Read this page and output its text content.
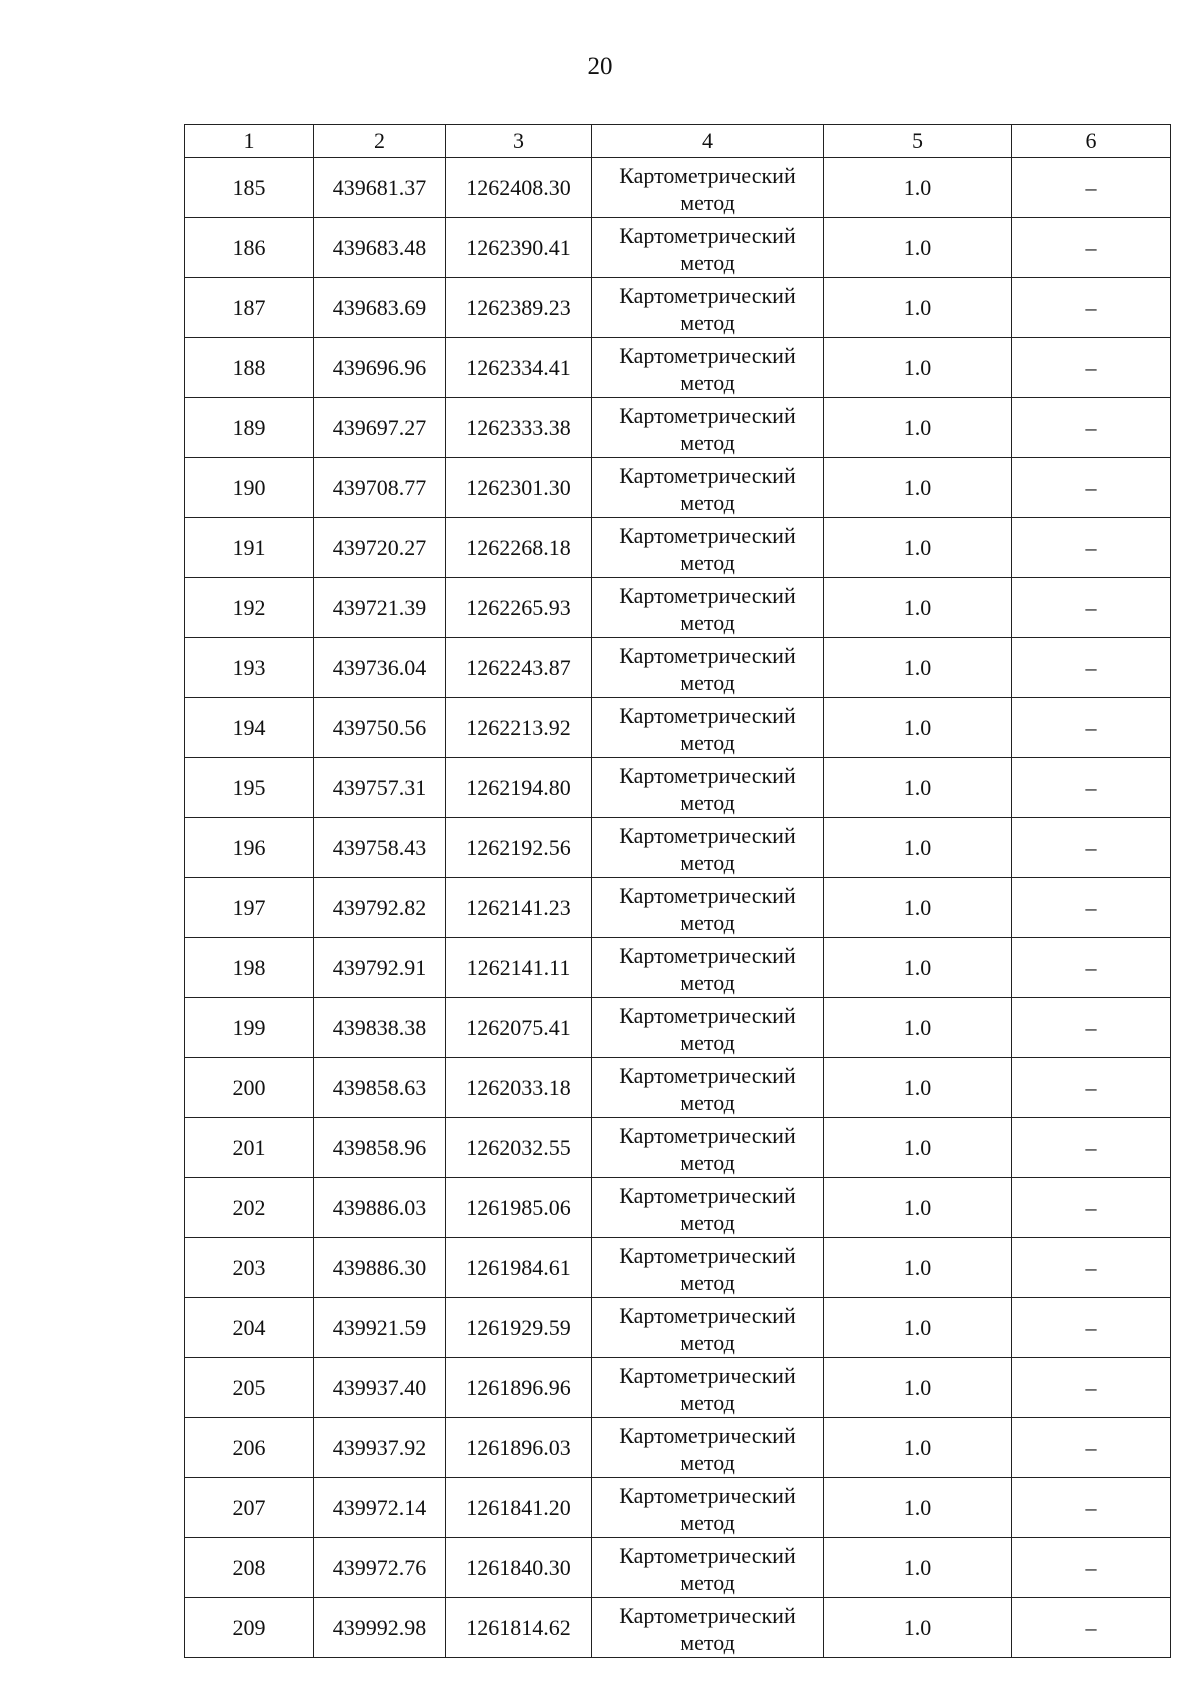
20
1	2	3	4	5	6
185	439681.37	1262408.30	Картометрический метод	1.0	–
186	439683.48	1262390.41	Картометрический метод	1.0	–
187	439683.69	1262389.23	Картометрический метод	1.0	–
188	439696.96	1262334.41	Картометрический метод	1.0	–
189	439697.27	1262333.38	Картометрический метод	1.0	–
190	439708.77	1262301.30	Картометрический метод	1.0	–
191	439720.27	1262268.18	Картометрический метод	1.0	–
192	439721.39	1262265.93	Картометрический метод	1.0	–
193	439736.04	1262243.87	Картометрический метод	1.0	–
194	439750.56	1262213.92	Картометрический метод	1.0	–
195	439757.31	1262194.80	Картометрический метод	1.0	–
196	439758.43	1262192.56	Картометрический метод	1.0	–
197	439792.82	1262141.23	Картометрический метод	1.0	–
198	439792.91	1262141.11	Картометрический метод	1.0	–
199	439838.38	1262075.41	Картометрический метод	1.0	–
200	439858.63	1262033.18	Картометрический метод	1.0	–
201	439858.96	1262032.55	Картометрический метод	1.0	–
202	439886.03	1261985.06	Картометрический метод	1.0	–
203	439886.30	1261984.61	Картометрический метод	1.0	–
204	439921.59	1261929.59	Картометрический метод	1.0	–
205	439937.40	1261896.96	Картометрический метод	1.0	–
206	439937.92	1261896.03	Картометрический метод	1.0	–
207	439972.14	1261841.20	Картометрический метод	1.0	–
208	439972.76	1261840.30	Картометрический метод	1.0	–
209	439992.98	1261814.62	Картометрический метод	1.0	–
